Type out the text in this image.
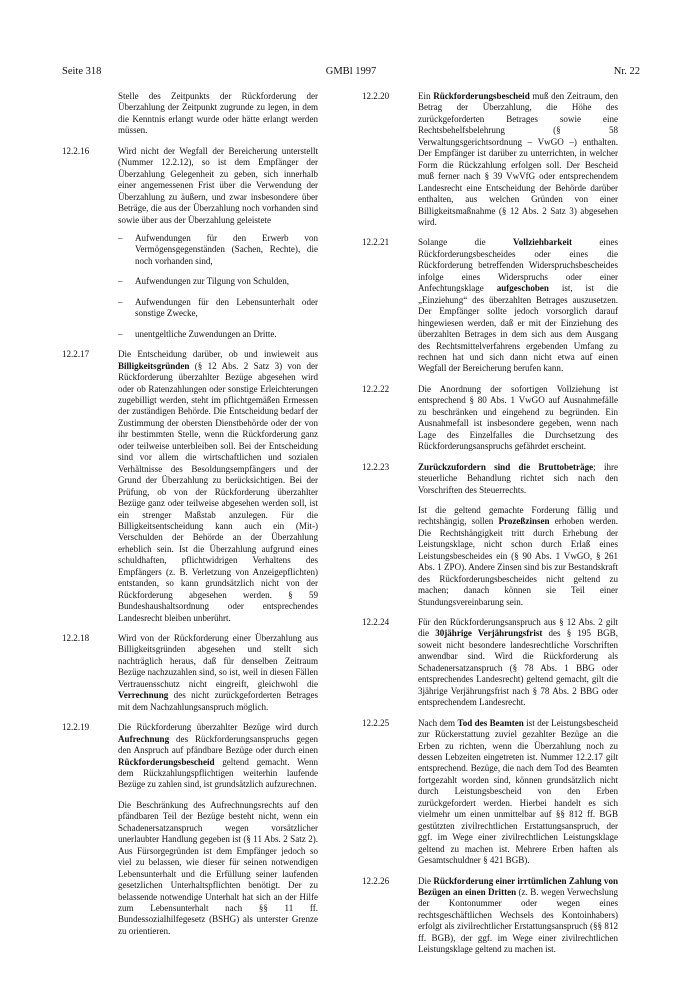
Seite 318	GMBl 1997	Nr. 22

Stelle des Zeitpunkts der Rückforderung der Überzahlung der Zeitpunkt zugrunde zu legen, in dem die Kenntnis erlangt wurde oder hätte erlangt werden müssen.

12.2.16	Wird nicht der Wegfall der Bereicherung unterstellt (Nummer 12.2.12), so ist dem Empfänger der Überzahlung Gelegenheit zu geben, sich innerhalb einer angemessenen Frist über die Verwendung der Überzahlung zu äußern, und zwar insbesondere über Beträge, die aus der Überzahlung noch vorhanden sind sowie über aus der Überzahlung geleistete

– Aufwendungen für den Erwerb von Vermögensgegenständen (Sachen, Rechte), die noch vorhanden sind,
– Aufwendungen zur Tilgung von Schulden,
– Aufwendungen für den Lebensunterhalt oder sonstige Zwecke,
– unentgeltliche Zuwendungen an Dritte.
12.2.17	Die Entscheidung darüber, ob und inwieweit aus Billigkeitsgründen (§ 12 Abs. 2 Satz 3) von der Rückforderung überzahlter Bezüge abgesehen wird oder ob Ratenzahlungen oder sonstige Erleichterungen zugebilligt werden, steht im pflichtgemäßen Ermessen der zuständigen Behörde. Die Entscheidung bedarf der Zustimmung der obersten Dienstbehörde oder der von ihr bestimmten Stelle, wenn die Rückforderung ganz oder teilweise unterbleiben soll. Bei der Entscheidung sind vor allem die wirtschaftlichen und sozialen Verhältnisse des Besoldungsempfängers und der Grund der Überzahlung zu berücksichtigen. Bei der Prüfung, ob von der Rückforderung überzahlter Bezüge ganz oder teilweise abgesehen werden soll, ist ein strenger Maßstab anzulegen. Für die Billigkeitsentscheidung kann auch ein (Mit-) Verschulden der Behörde an der Überzahlung erheblich sein. Ist die Überzahlung aufgrund eines schuldhaften, pflichtwidrigen Verhaltens des Empfängers (z. B. Verletzung von Anzeigepflichten) entstanden, so kann grundsätzlich nicht von der Rückforderung abgesehen werden. § 59 Bundeshaushaltsordnung oder entsprechendes Landesrecht bleiben unberührt.

12.2.18	Wird von der Rückforderung einer Überzahlung aus Billigkeitsgründen abgesehen und stellt sich nachträglich heraus, daß für denselben Zeitraum Bezüge nachzuzahlen sind, so ist, weil in diesen Fällen Vertrauensschutz nicht eingreift, gleichwohl die Verrechnung des nicht zurückgeforderten Betrages mit dem Nachzahlungsanspruch möglich.

12.2.19	Die Rückforderung überzahlter Bezüge wird durch Aufrechnung des Rückforderungsanspruchs gegen den Anspruch auf pfändbare Bezüge oder durch einen Rückforderungsbescheid geltend gemacht. Wenn dem Rückzahlungspflichtigen weiterhin laufende Bezüge zu zahlen sind, ist grundsätzlich aufzurechnen.

Die Beschränkung des Aufrechnungsrechts auf den pfändbaren Teil der Bezüge besteht nicht, wenn ein Schadenersatzanspruch wegen vorsätzlicher unerlaubter Handlung gegeben ist (§ 11 Abs. 2 Satz 2). Aus Fürsorgegründen ist dem Empfänger jedoch so viel zu belassen, wie dieser für seinen notwendigen Lebensunterhalt und die Erfüllung seiner laufenden gesetzlichen Unterhaltspflichten benötigt. Der zu belassende notwendige Unterhalt hat sich an der Hilfe zum Lebensunterhalt nach §§ 11 ff. Bundessozialhilfegesetz (BSHG) als unterster Grenze zu orientieren.

12.2.20	Ein Rückforderungsbescheid muß den Zeitraum, den Betrag der Überzahlung, die Höhe des zurückgeforderten Betrages sowie eine Rechtsbehelfsbelehrung (§ 58 Verwaltungsgerichtsordnung – VwGO –) enthalten. Der Empfänger ist darüber zu unterrichten, in welcher Form die Rückzahlung erfolgen soll. Der Bescheid muß ferner nach § 39 VwVfG oder entsprechendem Landesrecht eine Entscheidung der Behörde darüber enthalten, aus welchen Gründen von einer Billigkeitsmaßnahme (§ 12 Abs. 2 Satz 3) abgesehen wird.

12.2.21	Solange die Vollziehbarkeit eines Rückforderungsbescheides oder eines die Rückforderung betreffenden Widerspruchsbescheides infolge eines Widerspruchs oder einer Anfechtungsklage aufgeschoben ist, ist die „Einziehung“ des überzahlten Betrages auszusetzen. Der Empfänger sollte jedoch vorsorglich darauf hingewiesen werden, daß er mit der Einziehung des überzahlten Betrages in dem sich aus dem Ausgang des Rechtsmittelverfahrens ergebenden Umfang zu rechnen hat und sich dann nicht etwa auf einen Wegfall der Bereicherung berufen kann.

12.2.22	Die Anordnung der sofortigen Vollziehung ist entsprechend § 80 Abs. 1 VwGO auf Ausnahmefälle zu beschränken und eingehend zu begründen. Ein Ausnahmefall ist insbesondere gegeben, wenn nach Lage des Einzelfalles die Durchsetzung des Rückforderungsanspruchs gefährdet erscheint.

12.2.23	Zurückzufordern sind die Bruttobeträge; ihre steuerliche Behandlung richtet sich nach den Vorschriften des Steuerrechts.

Ist die geltend gemachte Forderung fällig und rechtshängig, sollen Prozeßzinsen erhoben werden. Die Rechtshängigkeit tritt durch Erhebung der Leistungsklage, nicht schon durch Erlaß eines Leistungsbescheides ein (§ 90 Abs. 1 VwGO, § 261 Abs. 1 ZPO). Andere Zinsen sind bis zur Bestandskraft des Rückforderungsbescheides nicht geltend zu machen; danach können sie Teil einer Stundungsvereinbarung sein.

12.2.24	Für den Rückforderungsanspruch aus § 12 Abs. 2 gilt die 30jährige Verjährungsfrist des § 195 BGB, soweit nicht besondere landesrechtliche Vorschriften anwendbar sind. Wird die Rückforderung als Schadenersatzanspruch (§ 78 Abs. 1 BBG oder entsprechendes Landesrecht) geltend gemacht, gilt die 3jährige Verjährungsfrist nach § 78 Abs. 2 BBG oder entsprechendem Landesrecht.

12.2.25	Nach dem Tod des Beamten ist der Leistungsbescheid zur Rückerstattung zuviel gezahlter Bezüge an die Erben zu richten, wenn die Überzahlung noch zu dessen Lebzeiten eingetreten ist. Nummer 12.2.17 gilt entsprechend. Bezüge, die nach dem Tod des Beamten fortgezahlt worden sind, können grundsätzlich nicht durch Leistungsbescheid von den Erben zurückgefordert werden. Hierbei handelt es sich vielmehr um einen unmittelbar auf §§ 812 ff. BGB gestützten zivilrechtlichen Erstattungsanspruch, der ggf. im Wege einer zivilrechtlichen Leistungsklage geltend zu machen ist. Mehrere Erben haften als Gesamtschuldner § 421 BGB).

12.2.26	Die Rückforderung einer irrtümlichen Zahlung von Bezügen an einen Dritten (z. B. wegen Verwechslung der Kontonummer oder wegen eines rechtsgeschäftlichen Wechsels des Kontoinhabers) erfolgt als zivilrechtlicher Erstattungsanspruch (§§ 812 ff. BGB), der ggf. im Wege einer zivilrechtlichen Leistungsklage geltend zu machen ist.
